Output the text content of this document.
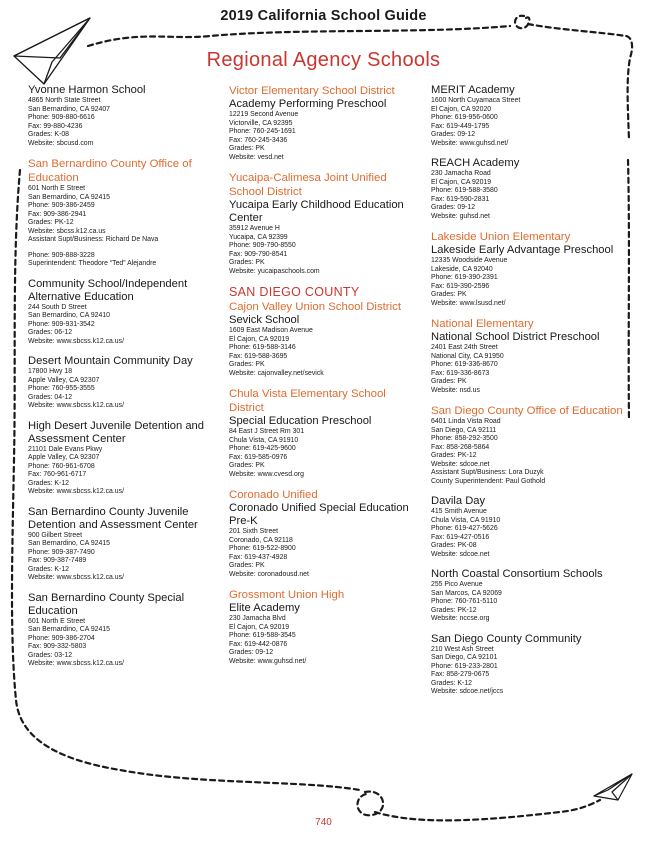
2019 California School Guide
Regional Agency Schools
Yvonne Harmon School
4865 North State Street
San Bernardino, CA 92407
Phone: 909-880-6616
Fax: 99-880-4236
Grades: K-08
Website: sbcusd.com
San Bernardino County Office of Education
601 North E Street
San Bernardino, CA 92415
Phone: 909-386-2459
Fax: 909-386-2941
Grades: PK-12
Website: sbcss.k12.ca.us
Assistant Supt/Business: Richard De Nava
Phone: 909-888-3228
Superintendent: Theodore “Ted” Alejandre
Community School/Independent Alternative Education
244 South D Street
San Bernardino, CA 92410
Phone: 909-931-3542
Grades: 06-12
Website: www.sbcss.k12.ca.us/
Desert Mountain Community Day
17800 Hwy 18
Apple Valley, CA 92307
Phone: 760-955-3555
Grades: 04-12
Website: www.sbcss.k12.ca.us/
High Desert Juvenile Detention and Assessment Center
21101 Dale Evans Pkwy
Apple Valley, CA 92307
Phone: 760-961-6708
Fax: 760-961-6717
Grades: K-12
Website: www.sbcss.k12.ca.us/
San Bernardino County Juvenile Detention and Assessment Center
900 Gilbert Street
San Bernardino, CA 92415
Phone: 909-387-7490
Fax: 909-387-7489
Grades: K-12
Website: www.sbcss.k12.ca.us/
San Bernardino County Special Education
601 North E Street
San Bernardino, CA 92415
Phone: 909-386-2704
Fax: 909-332-5803
Grades: 03-12
Website: www.sbcss.k12.ca.us/
Victor Elementary School District
Academy Performing Preschool
12219 Second Avenue
Victorville, CA 92395
Phone: 760-245-1691
Fax: 760-245-3436
Grades: PK
Website: vesd.net
Yucaipa-Calimesa Joint Unified School District
Yucaipa Early Childhood Education Center
35912 Avenue H
Yucaipa, CA 92399
Phone: 909-790-8550
Fax: 909-790-8541
Grades: PK
Website: yucaipaschools.com
SAN DIEGO COUNTY
Cajon Valley Union School District
Sevick School
1609 East Madison Avenue
El Cajon, CA 92019
Phone: 619-588-3146
Fax: 619-588-3695
Grades: PK
Website: cajonvalley.net/sevick
Chula Vista Elementary School District
Special Education Preschool
84 East J Street Rm 301
Chula Vista, CA 91910
Phone: 619-425-9600
Fax: 619-585-0976
Grades: PK
Website: www.cvesd.org
Coronado Unified
Coronado Unified Special Education Pre-K
201 Sixth Street
Coronado, CA 92118
Phone: 619-522-8900
Fax: 619-437-4928
Grades: PK
Website: coronadousd.net
Grossmont Union High
Elite Academy
230 Jamacha Blvd
El Cajon, CA 92019
Phone: 619-588-3545
Fax: 619-442-0876
Grades: 09-12
Website: www.guhsd.net/
MERIT Academy
1600 North Cuyamaca Street
El Cajon, CA 92020
Phone: 619-956-0600
Fax: 619-449-1795
Grades: 09-12
Website: www.guhsd.net/
REACH Academy
230 Jamacha Road
El Cajon, CA 92019
Phone: 619-588-3580
Fax: 619-590-2831
Grades: 09-12
Website: guhsd.net
Lakeside Union Elementary
Lakeside Early Advantage Preschool
12335 Woodside Avenue
Lakeside, CA 92040
Phone: 619-390-2391
Fax: 619-390-2596
Grades: PK
Website: www.lsusd.net/
National Elementary
National School District Preschool
2401 East 24th Street
National City, CA 91950
Phone: 619-336-8670
Fax: 619-336-8673
Grades: PK
Website: nsd.us
San Diego County Office of Education
6401 Linda Vista Road
San Diego, CA 92111
Phone: 858-292-3500
Fax: 858-268-5864
Grades: PK-12
Website: sdcoe.net
Assistant Supt/Business: Lora Duzyk
County Superintendent: Paul Gothold
Davila Day
415 Smith Avenue
Chula Vista, CA 91910
Phone: 619-427-5626
Fax: 619-427-0516
Grades: PK-08
Website: sdcoe.net
North Coastal Consortium Schools
255 Pico Avenue
San Marcos, CA 92069
Phone: 760-761-5110
Grades: PK-12
Website: nccse.org
San Diego County Community
210 West Ash Street
San Diego, CA 92101
Phone: 619-233-2801
Fax: 858-279-0675
Grades: K-12
Website: sdcoe.net/jccs
740
